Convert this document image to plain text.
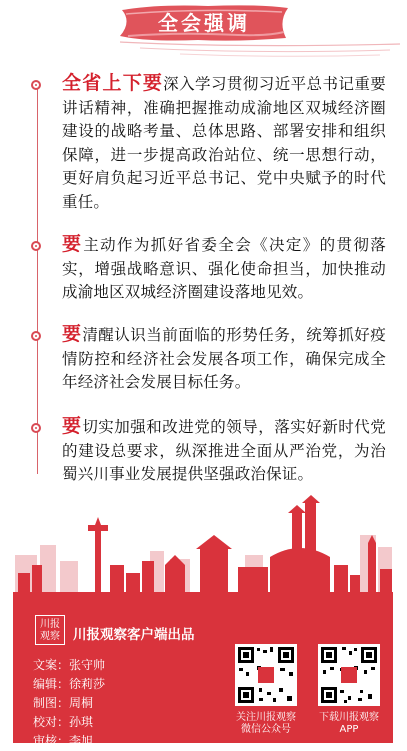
全会强调

全省上下要深入学习贯彻习近平总书记重要讲话精神，准确把握推动成渝地区双城经济圈建设的战略考量、总体思路、部署安排和组织保障，进一步提高政治站位、统一思想行动，更好肩负起习近平总书记、党中央赋予的时代重任。

要主动作为抓好省委全会《决定》的贯彻落实，增强战略意识、强化使命担当，加快推动成渝地区双城经济圈建设落地见效。

要清醒认识当前面临的形势任务，统筹抓好疫情防控和经济社会发展各项工作，确保完成全年经济社会发展目标任务。

要切实加强和改进党的领导，落实好新时代党的建设总要求，纵深推进全面从严治党，为治蜀兴川事业发展提供坚强政治保证。

川报观察 川报观察客户端出品
文案：张守帅
编辑：徐莉莎
制图：周桐
校对：孙琪
审核：李旭
关注川报观察
微信公众号
下载川报观察
APP
